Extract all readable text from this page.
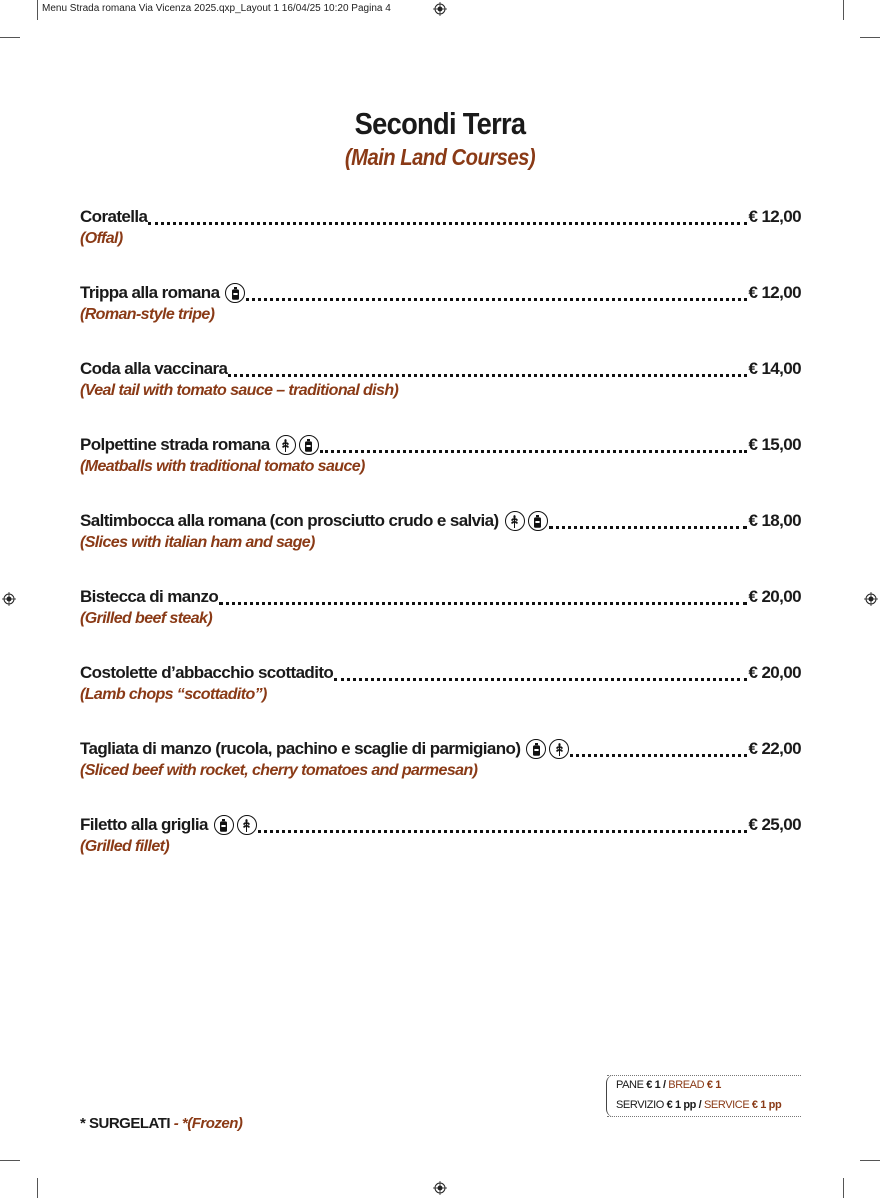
Menu Strada romana Via Vicenza 2025.qxp_Layout 1 16/04/25 10:20 Pagina 4
Secondi Terra
(Main Land Courses)
Coratella	€ 12,00
(Offal)
Trippa alla romana	€ 12,00
(Roman-style tripe)
Coda alla vaccinara	€ 14,00
(Veal tail with tomato sauce – traditional dish)
Polpettine strada romana	€ 15,00
(Meatballs with traditional tomato sauce)
Saltimbocca alla romana (con prosciutto crudo e salvia)	€ 18,00
(Slices with italian ham and sage)
Bistecca di manzo	€ 20,00
(Grilled beef steak)
Costolette d’abbacchio scottadito	€ 20,00
(Lamb chops “scottadito”)
Tagliata di manzo (rucola, pachino e scaglie di parmigiano)	€ 22,00
(Sliced beef with rocket, cherry tomatoes and parmesan)
Filetto alla griglia	€ 25,00
(Grilled fillet)
PANE € 1 / BREAD € 1
SERVIZIO € 1 pp / SERVICE € 1 pp
* SURGELATI - *(Frozen)
